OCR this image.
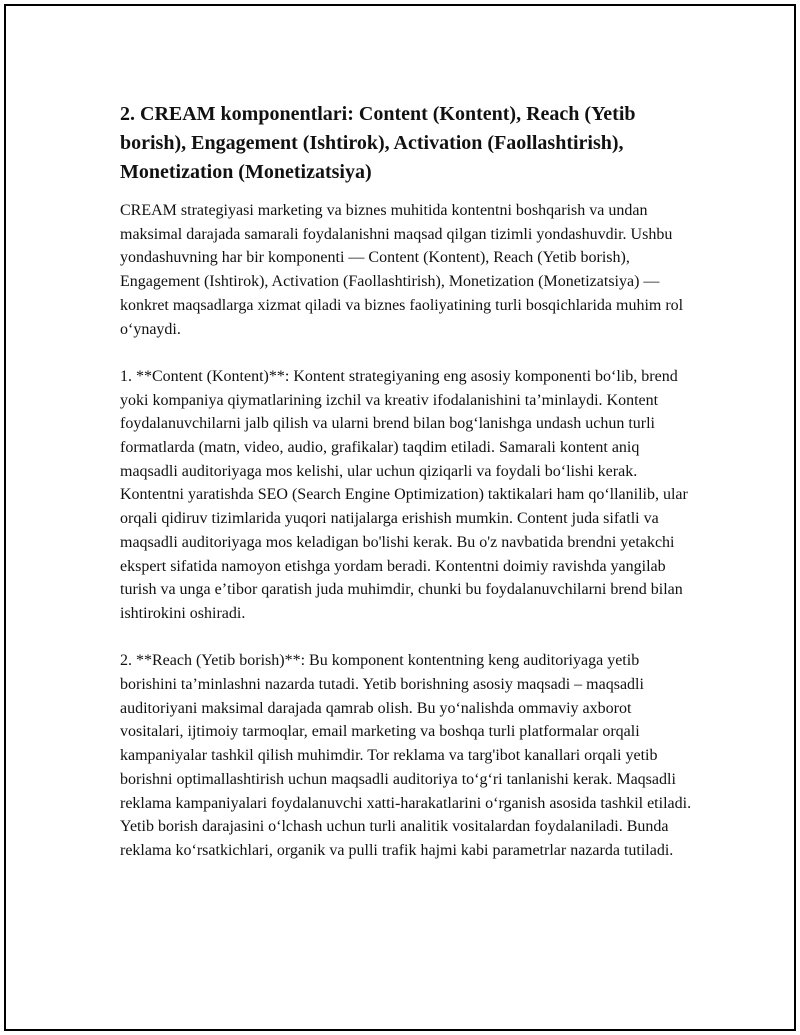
2. CREAM komponentlari: Content (Kontent), Reach (Yetib borish), Engagement (Ishtirok), Activation (Faollashtirish), Monetization (Monetizatsiya)

CREAM strategiyasi marketing va biznes muhitida kontentni boshqarish va undan maksimal darajada samarali foydalanishni maqsad qilgan tizimli yondashuvdir. Ushbu yondashuvning har bir komponenti — Content (Kontent), Reach (Yetib borish), Engagement (Ishtirok), Activation (Faollashtirish), Monetization (Monetizatsiya) — konkret maqsadlarga xizmat qiladi va biznes faoliyatining turli bosqichlarida muhim rol oʻynaydi.

1. **Content (Kontent)**: Kontent strategiyaning eng asosiy komponenti boʻlib, brend yoki kompaniya qiymatlarining izchil va kreativ ifodalanishini taʼminlaydi. Kontent foydalanuvchilarni jalb qilish va ularni brend bilan bogʻlanishga undash uchun turli formatlarda (matn, video, audio, grafikalar) taqdim etiladi. Samarali kontent aniq maqsadli auditoriyaga mos kelishi, ular uchun qiziqarli va foydali boʻlishi kerak. Kontentni yaratishda SEO (Search Engine Optimization) taktikalari ham qoʻllanilib, ular orqali qidiruv tizimlarida yuqori natijalarga erishish mumkin. Content juda sifatli va maqsadli auditoriyaga mos keladigan bo'lishi kerak. Bu o'z navbatida brendni yetakchi ekspert sifatida namoyon etishga yordam beradi. Kontentni doimiy ravishda yangilab turish va unga eʼtibor qaratish juda muhimdir, chunki bu foydalanuvchilarni brend bilan ishtirokini oshiradi.

2. **Reach (Yetib borish)**: Bu komponent kontentning keng auditoriyaga yetib borishini taʼminlashni nazarda tutadi. Yetib borishning asosiy maqsadi – maqsadli auditoriyani maksimal darajada qamrab olish. Bu yoʻnalishda ommaviy axborot vositalari, ijtimoiy tarmoqlar, email marketing va boshqa turli platformalar orqali kampaniyalar tashkil qilish muhimdir. Tor reklama va targ'ibot kanallari orqali yetib borishni optimallashtirish uchun maqsadli auditoriya toʻgʻri tanlanishi kerak. Maqsadli reklama kampaniyalari foydalanuvchi xatti-harakatlarini oʻrganish asosida tashkil etiladi. Yetib borish darajasini oʻlchash uchun turli analitik vositalardan foydalaniladi. Bunda reklama koʻrsatkichlari, organik va pulli trafik hajmi kabi parametrlar nazarda tutiladi.
